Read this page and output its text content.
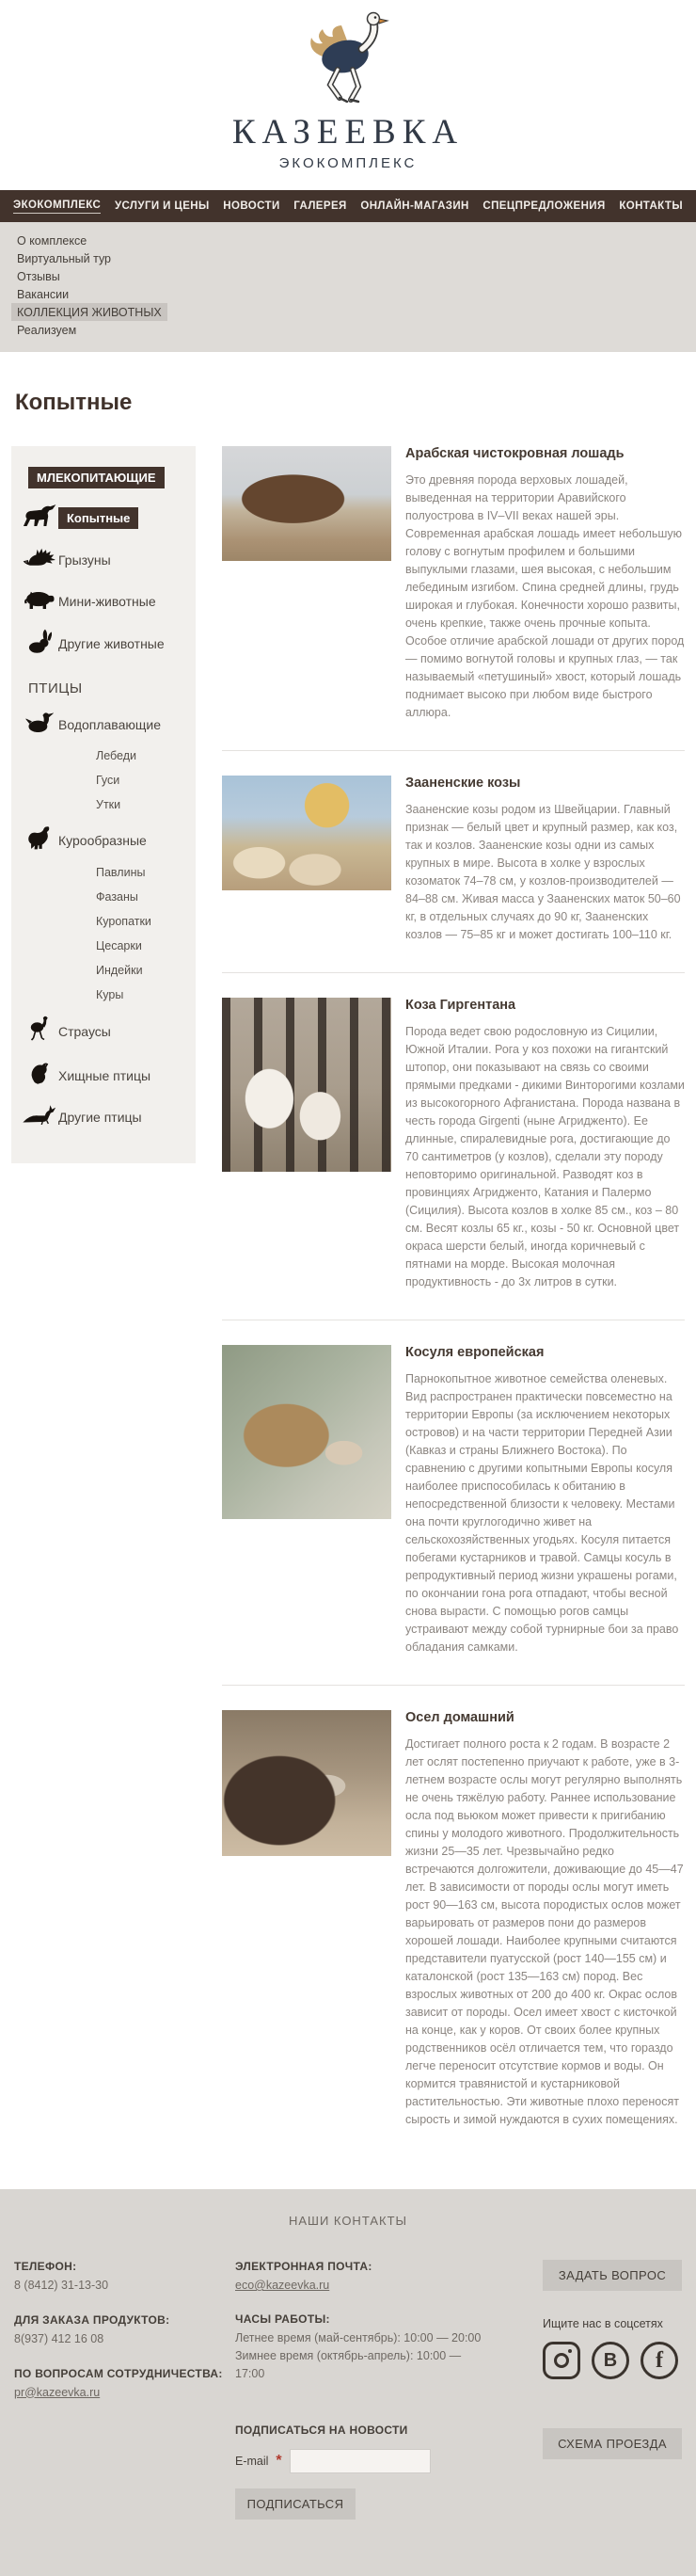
КАЗЕЕВКА
ЭКОКОМПЛЕКС
ЭКОКОМПЛЕКС УСЛУГИ И ЦЕНЫ НОВОСТИ ГАЛЕРЕЯ ОНЛАЙН-МАГАЗИН СПЕЦПРЕДЛОЖЕНИЯ КОНТАКТЫ
О комплексе
Виртуальный тур
Отзывы
Вакансии
КОЛЛЕКЦИЯ ЖИВОТНЫХ
Реализуем
Копытные
МЛЕКОПИТАЮЩИЕ
Копытные
Грызуны
Мини-животные
Другие животные
ПТИЦЫ
Водоплавающие
Лебеди
Гуси
Утки
Курообразные
Павлины
Фазаны
Куропатки
Цесарки
Индейки
Куры
Страусы
Хищные птицы
Другие птицы
Арабская чистокровная лошадь

Это древняя порода верховых лошадей, выведенная на территории Аравийского полуострова в IV–VII веках нашей эры. Современная арабская лошадь имеет небольшую голову с вогнутым профилем и большими выпуклыми глазами, шея высокая, с небольшим лебединым изгибом. Спина средней длины, грудь широкая и глубокая. Конечности хорошо развиты, очень крепкие, также очень прочные копыта. Особое отличие арабской лошади от других пород — помимо вогнутой головы и крупных глаз, — так называемый «петушиный» хвост, который лошадь поднимает высоко при любом виде быстрого аллюра.

Зааненские козы

Зааненские козы родом из Швейцарии. Главный признак — белый цвет и крупный размер, как коз, так и козлов. Зааненские козы одни из самых крупных в мире. Высота в холке у взрослых козоматок 74–78 см, у козлов-производителей — 84–88 см. Живая масса у Зааненских маток 50–60 кг, в отдельных случаях до 90 кг, Зааненских козлов — 75–85 кг и может достигать 100–110 кг.

Коза Гиргентана

Порода ведет свою родословную из Сицилии, Южной Италии. Рога у коз похожи на гигантский штопор, они показывают на связь со своими прямыми предками - дикими Винторогими козлами из высокогорного Афганистана. Порода названа в честь города Girgenti (ныне Агридженто). Ее длинные, спиралевидные рога, достигающие до 70 сантиметров (у козлов), сделали эту породу неповторимо оригинальной. Разводят коз в провинциях Агридженто, Катания и Палермо (Сицилия). Высота козлов в холке 85 см., коз – 80 см. Весят козлы 65 кг., козы - 50 кг. Основной цвет окраса шерсти белый, иногда коричневый с пятнами на морде. Высокая молочная продуктивность - до 3х литров в сутки.

Косуля европейская

Парнокопытное животное семейства оленевых. Вид распространен практически повсеместно на территории Европы (за исключением некоторых островов) и на части территории Передней Азии (Кавказ и страны Ближнего Востока). По сравнению с другими копытными Европы косуля наиболее приспособилась к обитанию в непосредственной близости к человеку. Местами она почти круглогодично живет на сельскохозяйственных угодьях. Косуля питается побегами кустарников и травой. Самцы косуль в репродуктивный период жизни украшены рогами, по окончании гона рога отпадают, чтобы весной снова вырасти. С помощью рогов самцы устраивают между собой турнирные бои за право обладания самками.

Осел домашний

Достигает полного роста к 2 годам. В возрасте 2 лет ослят постепенно приучают к работе, уже в 3-летнем возрасте ослы могут регулярно выполнять не очень тяжёлую работу. Раннее использование осла под вьюком может привести к пригибанию спины у молодого животного. Продолжительность жизни 25—35 лет. Чрезвычайно редко встречаются долгожители, доживающие до 45—47 лет. В зависимости от породы ослы могут иметь рост 90—163 см, высота породистых ослов может варьировать от размеров пони до размеров хорошей лошади. Наиболее крупными считаются представители пуатусской (рост 140—155 см) и каталонской (рост 135—163 см) пород. Вес взрослых животных от 200 до 400 кг. Окрас ослов зависит от породы. Осел имеет хвост с кисточкой на конце, как у коров. От своих более крупных родственников осёл отличается тем, что гораздо легче переносит отсутствие кормов и воды. Он кормится травянистой и кустарниковой растительностью. Эти животные плохо переносят сырость и зимой нуждаются в сухих помещениях.

НАШИ КОНТАКТЫ
ТЕЛЕФОН:
8 (8412) 31-13-30
ДЛЯ ЗАКАЗА ПРОДУКТОВ:
8(937) 412 16 08
ПО ВОПРОСАМ СОТРУДНИЧЕСТВА:
pr@kazeevka.ru
ЭЛЕКТРОННАЯ ПОЧТА:
eco@kazeevka.ru
ЧАСЫ РАБОТЫ:
Летнее время (май-сентябрь): 10:00 — 20:00
Зимнее время (октябрь-апрель): 10:00 — 17:00
ПОДПИСАТЬСЯ НА НОВОСТИ
E-mail *
ПОДПИСАТЬСЯ
ЗАДАТЬ ВОПРОС
Ищите нас в соцсетях
В	f
СХЕМА ПРОЕЗДА
